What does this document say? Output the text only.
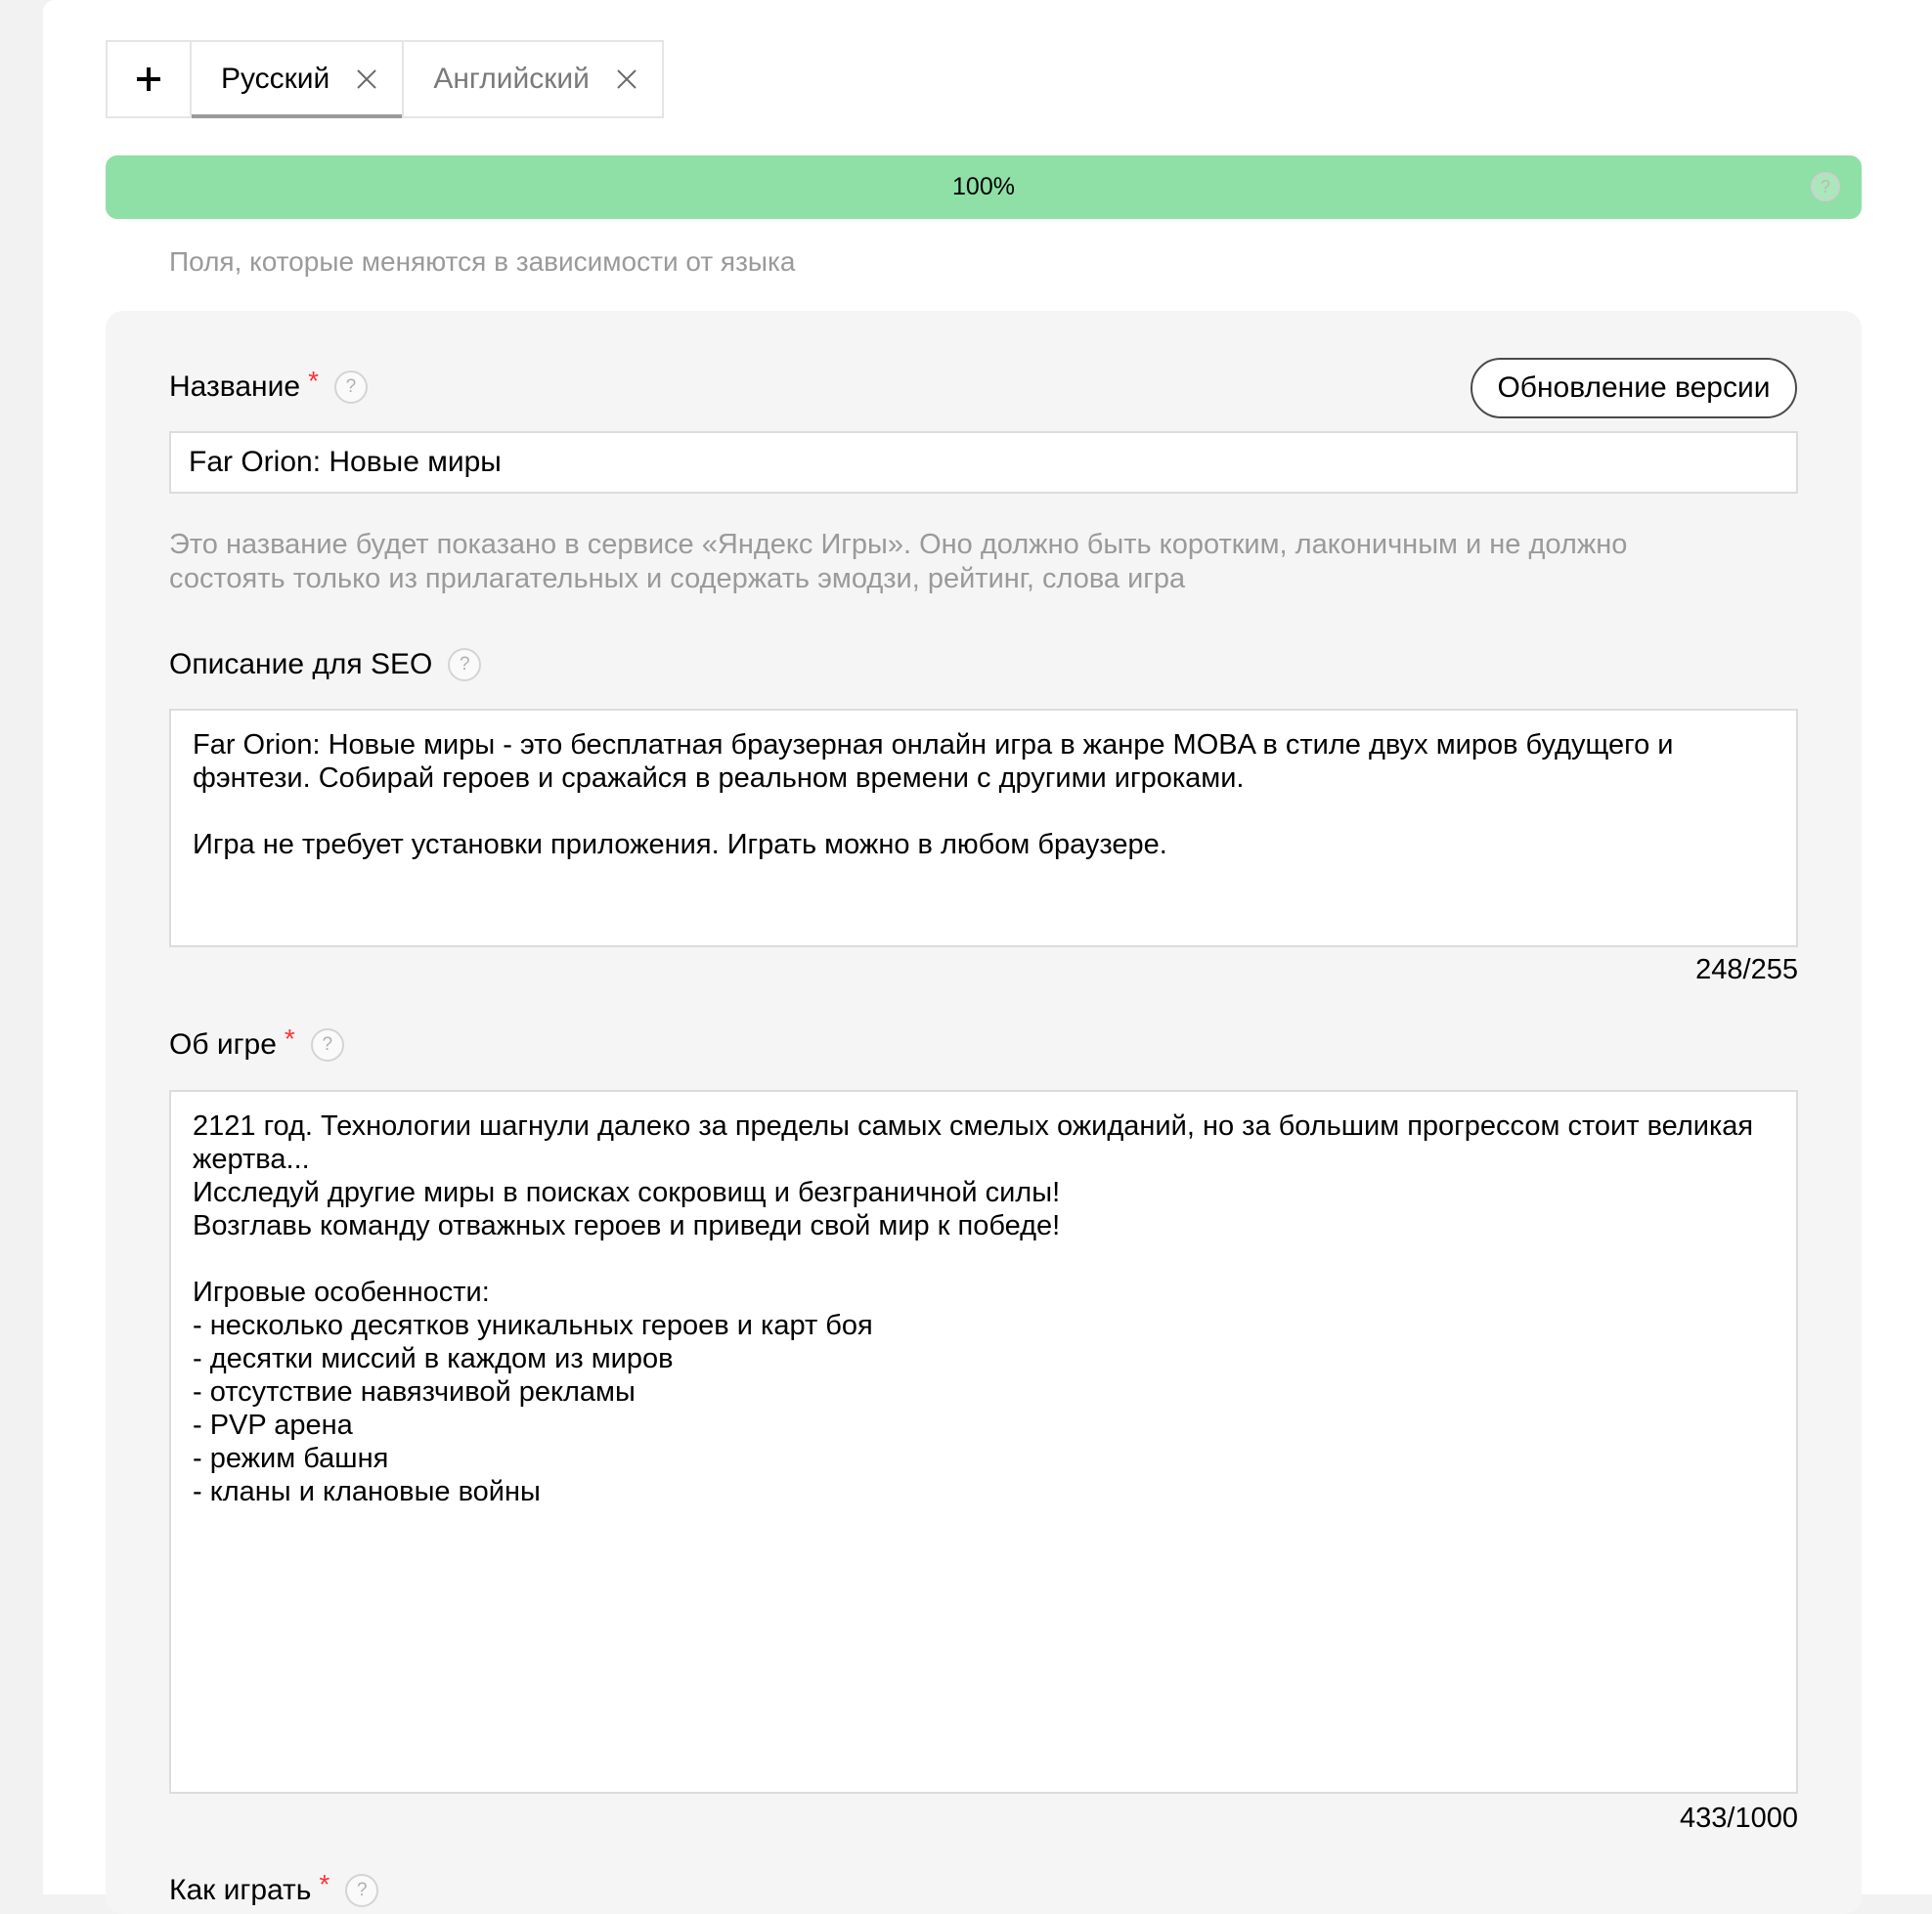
Русский	Английский
100%	?
Поля, которые меняются в зависимости от языка
Название *	?	Обновление версии
Far Orion: Новые миры
Это название будет показано в сервисе «Яндекс Игры». Оно должно быть коротким, лаконичным и не должно состоять только из прилагательных и содержать эмодзи, рейтинг, слова игра
Описание для SEO	?
Far Orion: Новые миры - это бесплатная браузерная онлайн игра в жанре MOBA в стиле двух миров будущего и фэнтези. Собирай героев и сражайся в реальном времени с другими игроками. Игра не требует установки приложения. Играть можно в любом браузере.
248/255
Об игре *	?
2121 год. Технологии шагнули далеко за пределы самых смелых ожиданий, но за большим прогрессом стоит великая жертва... Исследуй другие миры в поисках сокровищ и безграничной силы! Возглавь команду отважных героев и приведи свой мир к победе! Игровые особенности: - несколько десятков уникальных героев и карт боя - десятки миссий в каждом из миров - отсутствие навязчивой рекламы - PVP арена - режим башня - кланы и клановые войны
433/1000
Как играть *	?
